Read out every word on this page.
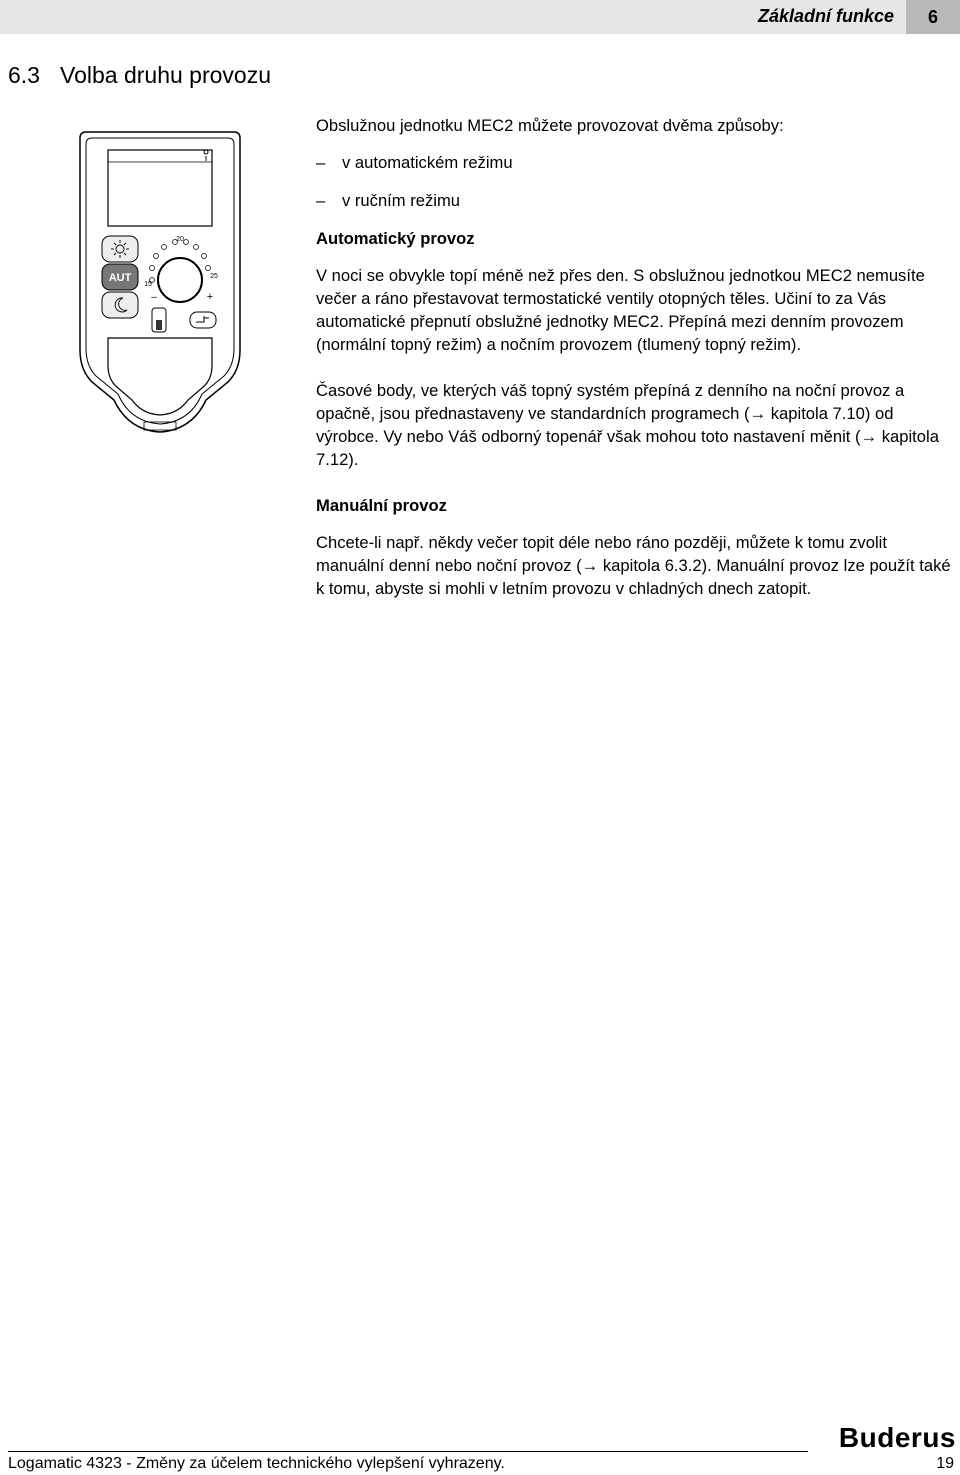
Základní funkce	6
6.3 Volba druhu provozu
AUT
15
20
25
–	+

Obslužnou jednotku MEC2 můžete provozovat dvěma způsoby:

– v automatickém režimu

– v ručním režimu

Automatický provoz

V noci se obvykle topí méně než přes den. S obslužnou jednotkou MEC2 nemusíte večer a ráno přestavovat termostatické ventily otopných těles. Učiní to za Vás automatické přepnutí obslužné jednotky MEC2. Přepíná mezi denním provozem (normální topný režim) a nočním provozem (tlumený topný režim).

Časové body, ve kterých váš topný systém přepíná z denního na noční provoz a opačně, jsou přednastaveny ve standardních programech (→ kapitola 7.10) od výrobce. Vy nebo Váš odborný topenář však mohou toto nastavení měnit (→ kapitola 7.12).

Manuální provoz

Chcete-li např. někdy večer topit déle nebo ráno později, můžete k tomu zvolit manuální denní nebo noční provoz (→ kapitola 6.3.2). Manuální provoz lze použít také k tomu, abyste si mohli v letním provozu v chladných dnech zatopit.

Buderus
Logamatic 4323 - Změny za účelem technického vylepšení vyhrazeny.	19
